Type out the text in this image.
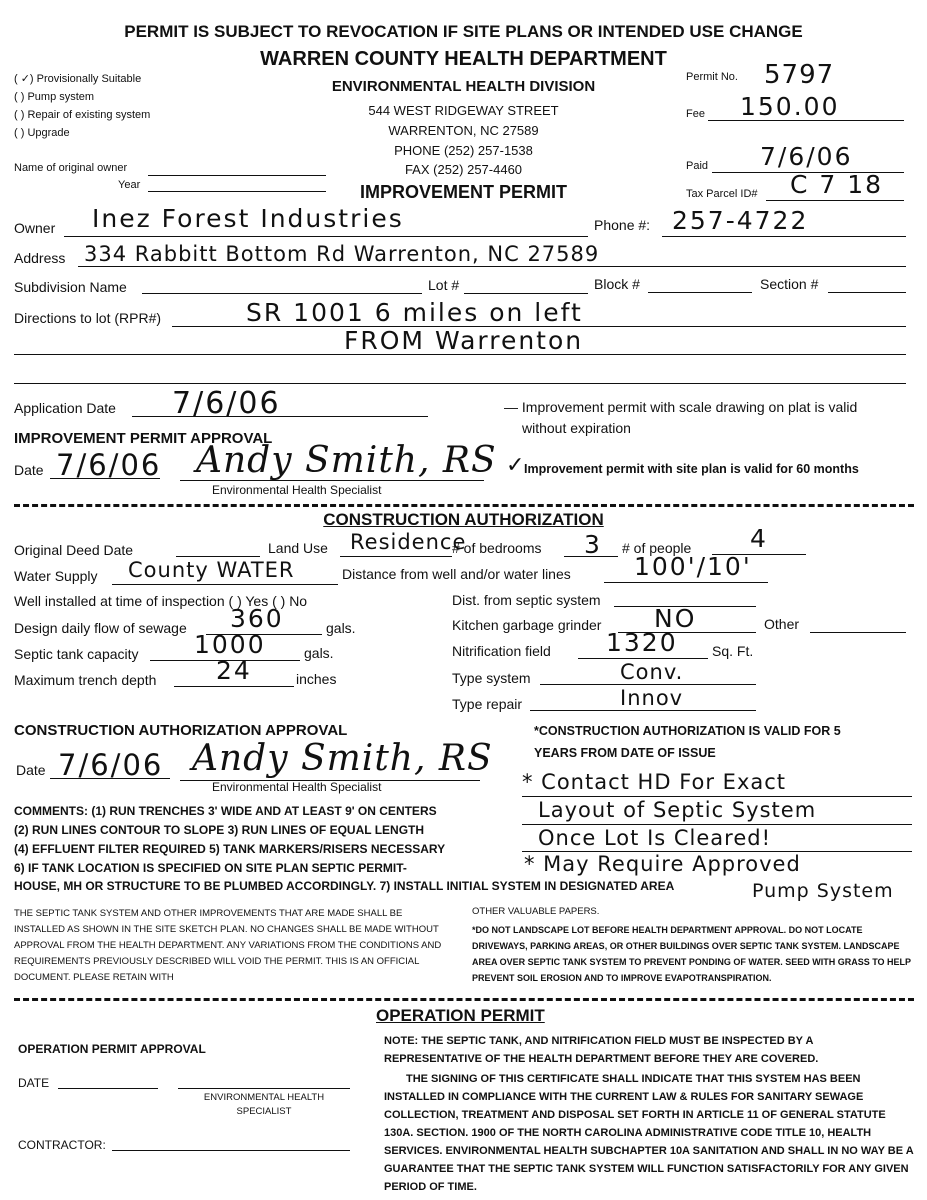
PERMIT IS SUBJECT TO REVOCATION IF SITE PLANS OR INTENDED USE CHANGE
WARREN COUNTY HEALTH DEPARTMENT
ENVIRONMENTAL HEALTH DIVISION
544 WEST RIDGEWAY STREET
WARRENTON, NC 27589
PHONE (252) 257-1538
FAX (252) 257-4460
IMPROVEMENT PERMIT
( ✓) Provisionally Suitable
( ) Pump system
( ) Repair of existing system
( ) Upgrade
Name of original owner
Year
Permit No. 5797
Fee 150.00
Paid 7/6/06
Tax Parcel ID# C 7 18
Owner Inez Forest Industries	Phone #: 257-4722
Address 334 Rabbitt Bottom Rd Warrenton, NC 27589
Subdivision Name	Lot #	Block #	Section #
Directions to lot (RPR#)	SR 1001 6 miles on left
FROM Warrenton
Application Date 7/6/06	— Improvement permit with scale drawing on plat is valid
without expiration
IMPROVEMENT PERMIT APPROVAL
Date 7/6/06 Andy Smith, RS
Environmental Health Specialist
✓ Improvement permit with site plan is valid for 60 months
CONSTRUCTION AUTHORIZATION
Original Deed Date	Land Use Residence
# of bedrooms 3 # of people 4
Water Supply County WATER	Distance from well and/or water lines	100'/10'
Well installed at time of inspection ( ) Yes ( ) No	Dist. from septic system
Design daily flow of sewage 360	gals.	Kitchen garbage grinder NO	Other
Septic tank capacity 1000	gals.	Nitrification field 1320 Sq. Ft.
Maximum trench depth 24	inches	Type system	Conv.
Type repair	Innov
CONSTRUCTION AUTHORIZATION APPROVAL	*CONSTRUCTION AUTHORIZATION IS VALID FOR 5
YEARS FROM DATE OF ISSUE
Date 7/6/06 Andy Smith, RS
Environmental Health Specialist	* Contact HD For Exact
Layout of Septic System
Once Lot Is Cleared!
* May Require Approved
Pump System
COMMENTS: (1) RUN TRENCHES 3' WIDE AND AT LEAST 9' ON CENTERS
(2) RUN LINES CONTOUR TO SLOPE 3) RUN LINES OF EQUAL LENGTH
(4) EFFLUENT FILTER REQUIRED 5) TANK MARKERS/RISERS NECESSARY
6) IF TANK LOCATION IS SPECIFIED ON SITE PLAN SEPTIC PERMIT-
HOUSE, MH OR STRUCTURE TO BE PLUMBED ACCORDINGLY. 7) INSTALL INITIAL SYSTEM IN DESIGNATED AREA
THE SEPTIC TANK SYSTEM AND OTHER IMPROVEMENTS THAT ARE MADE SHALL BE INSTALLED AS SHOWN IN THE SITE SKETCH PLAN. NO CHANGES SHALL BE MADE WITHOUT APPROVAL FROM THE HEALTH DEPARTMENT. ANY VARIATIONS FROM THE CONDITIONS AND REQUIREMENTS PREVIOUSLY DESCRIBED WILL VOID THE PERMIT. THIS IS AN OFFICIAL DOCUMENT. PLEASE RETAIN WITH
OTHER VALUABLE PAPERS.
*DO NOT LANDSCAPE LOT BEFORE HEALTH DEPARTMENT APPROVAL. DO NOT LOCATE DRIVEWAYS, PARKING AREAS, OR OTHER BUILDINGS OVER SEPTIC TANK SYSTEM. LANDSCAPE AREA OVER SEPTIC TANK SYSTEM TO PREVENT PONDING OF WATER. SEED WITH GRASS TO HELP PREVENT SOIL EROSION AND TO IMPROVE EVAPOTRANSPIRATION.
OPERATION PERMIT
OPERATION PERMIT APPROVAL
DATE
ENVIRONMENTAL HEALTH
SPECIALIST
CONTRACTOR:
NOTE: THE SEPTIC TANK, AND NITRIFICATION FIELD MUST BE INSPECTED BY A REPRESENTATIVE OF THE HEALTH DEPARTMENT BEFORE THEY ARE COVERED.
THE SIGNING OF THIS CERTIFICATE SHALL INDICATE THAT THIS SYSTEM HAS BEEN INSTALLED IN COMPLIANCE WITH THE CURRENT LAW & RULES FOR SANITARY SEWAGE COLLECTION, TREATMENT AND DISPOSAL SET FORTH IN ARTICLE 11 OF GENERAL STATUTE 130A. SECTION. 1900 OF THE NORTH CAROLINA ADMINISTRATIVE CODE TITLE 10, HEALTH SERVICES. ENVIRONMENTAL HEALTH SUBCHAPTER 10A SANITATION AND SHALL IN NO WAY BE A GUARANTEE THAT THE SEPTIC TANK SYSTEM WILL FUNCTION SATISFACTORILY FOR ANY GIVEN PERIOD OF TIME.
